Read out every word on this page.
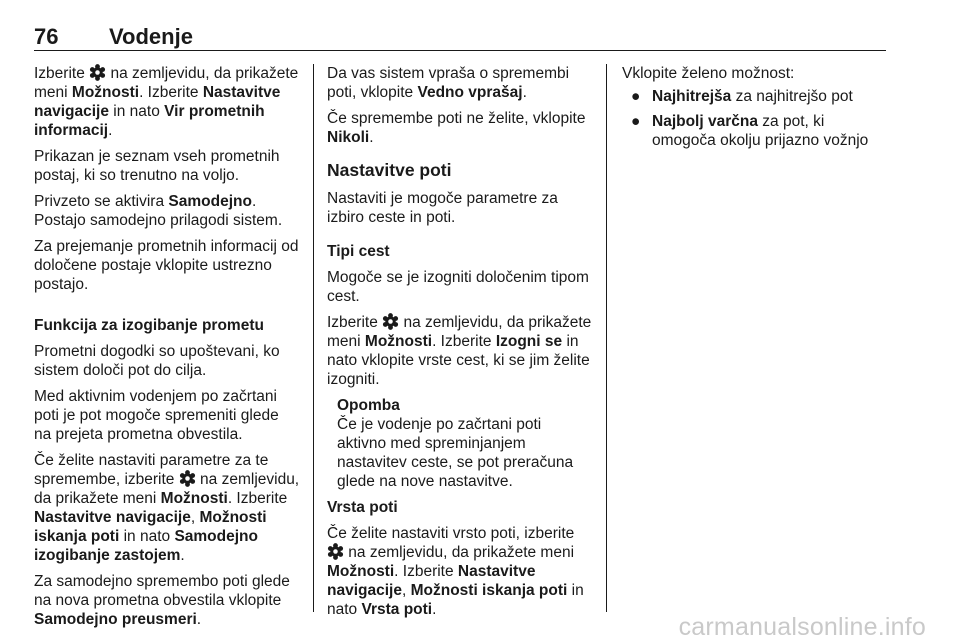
76 Vodenje

Izberite
na zemljevidu, da prikažete meni Možnosti. Izberite Nastavitve navigacije in nato Vir prometnih informacij.

Prikazan je seznam vseh prometnih postaj, ki so trenutno na voljo.

Privzeto se aktivira Samodejno. Postajo samodejno prilagodi sistem.

Za prejemanje prometnih informacij od določene postaje vklopite ustrezno postajo.

Funkcija za izogibanje prometu

Prometni dogodki so upoštevani, ko sistem določi pot do cilja.

Med aktivnim vodenjem po začrtani poti je pot mogoče spremeniti glede na prejeta prometna obvestila.

Če želite nastaviti parametre za te spremembe, izberite
na zemljevidu, da prikažete meni Možnosti. Izberite Nastavitve navigacije, Možnosti iskanja poti in nato Samodejno izogibanje zastojem.

Za samodejno spremembo poti glede na nova prometna obvestila vklopite Samodejno preusmeri.

Da vas sistem vpraša o spremembi poti, vklopite Vedno vprašaj.

Če spremembe poti ne želite, vklopite Nikoli.

Nastavitve poti

Nastaviti je mogoče parametre za izbiro ceste in poti.

Tipi cest

Mogoče se je izogniti določenim tipom cest.

Izberite
na zemljevidu, da prikažete meni Možnosti. Izberite Izogni se in nato vklopite vrste cest, ki se jim želite izogniti.

Opomba
Če je vodenje po začrtani poti aktivno med spreminjanjem nastavitev ceste, se pot preračuna glede na nove nastavitve.

Vrsta poti

Če želite nastaviti vrsto poti, izberite
na zemljevidu, da prikažete meni Možnosti. Izberite Nastavitve navigacije, Možnosti iskanja poti in nato Vrsta poti.

Vklopite želeno možnost:

● Najhitrejša za najhitrejšo pot
● Najbolj varčna za pot, ki omogoča okolju prijazno vožnjo
carmanualsonline.info
